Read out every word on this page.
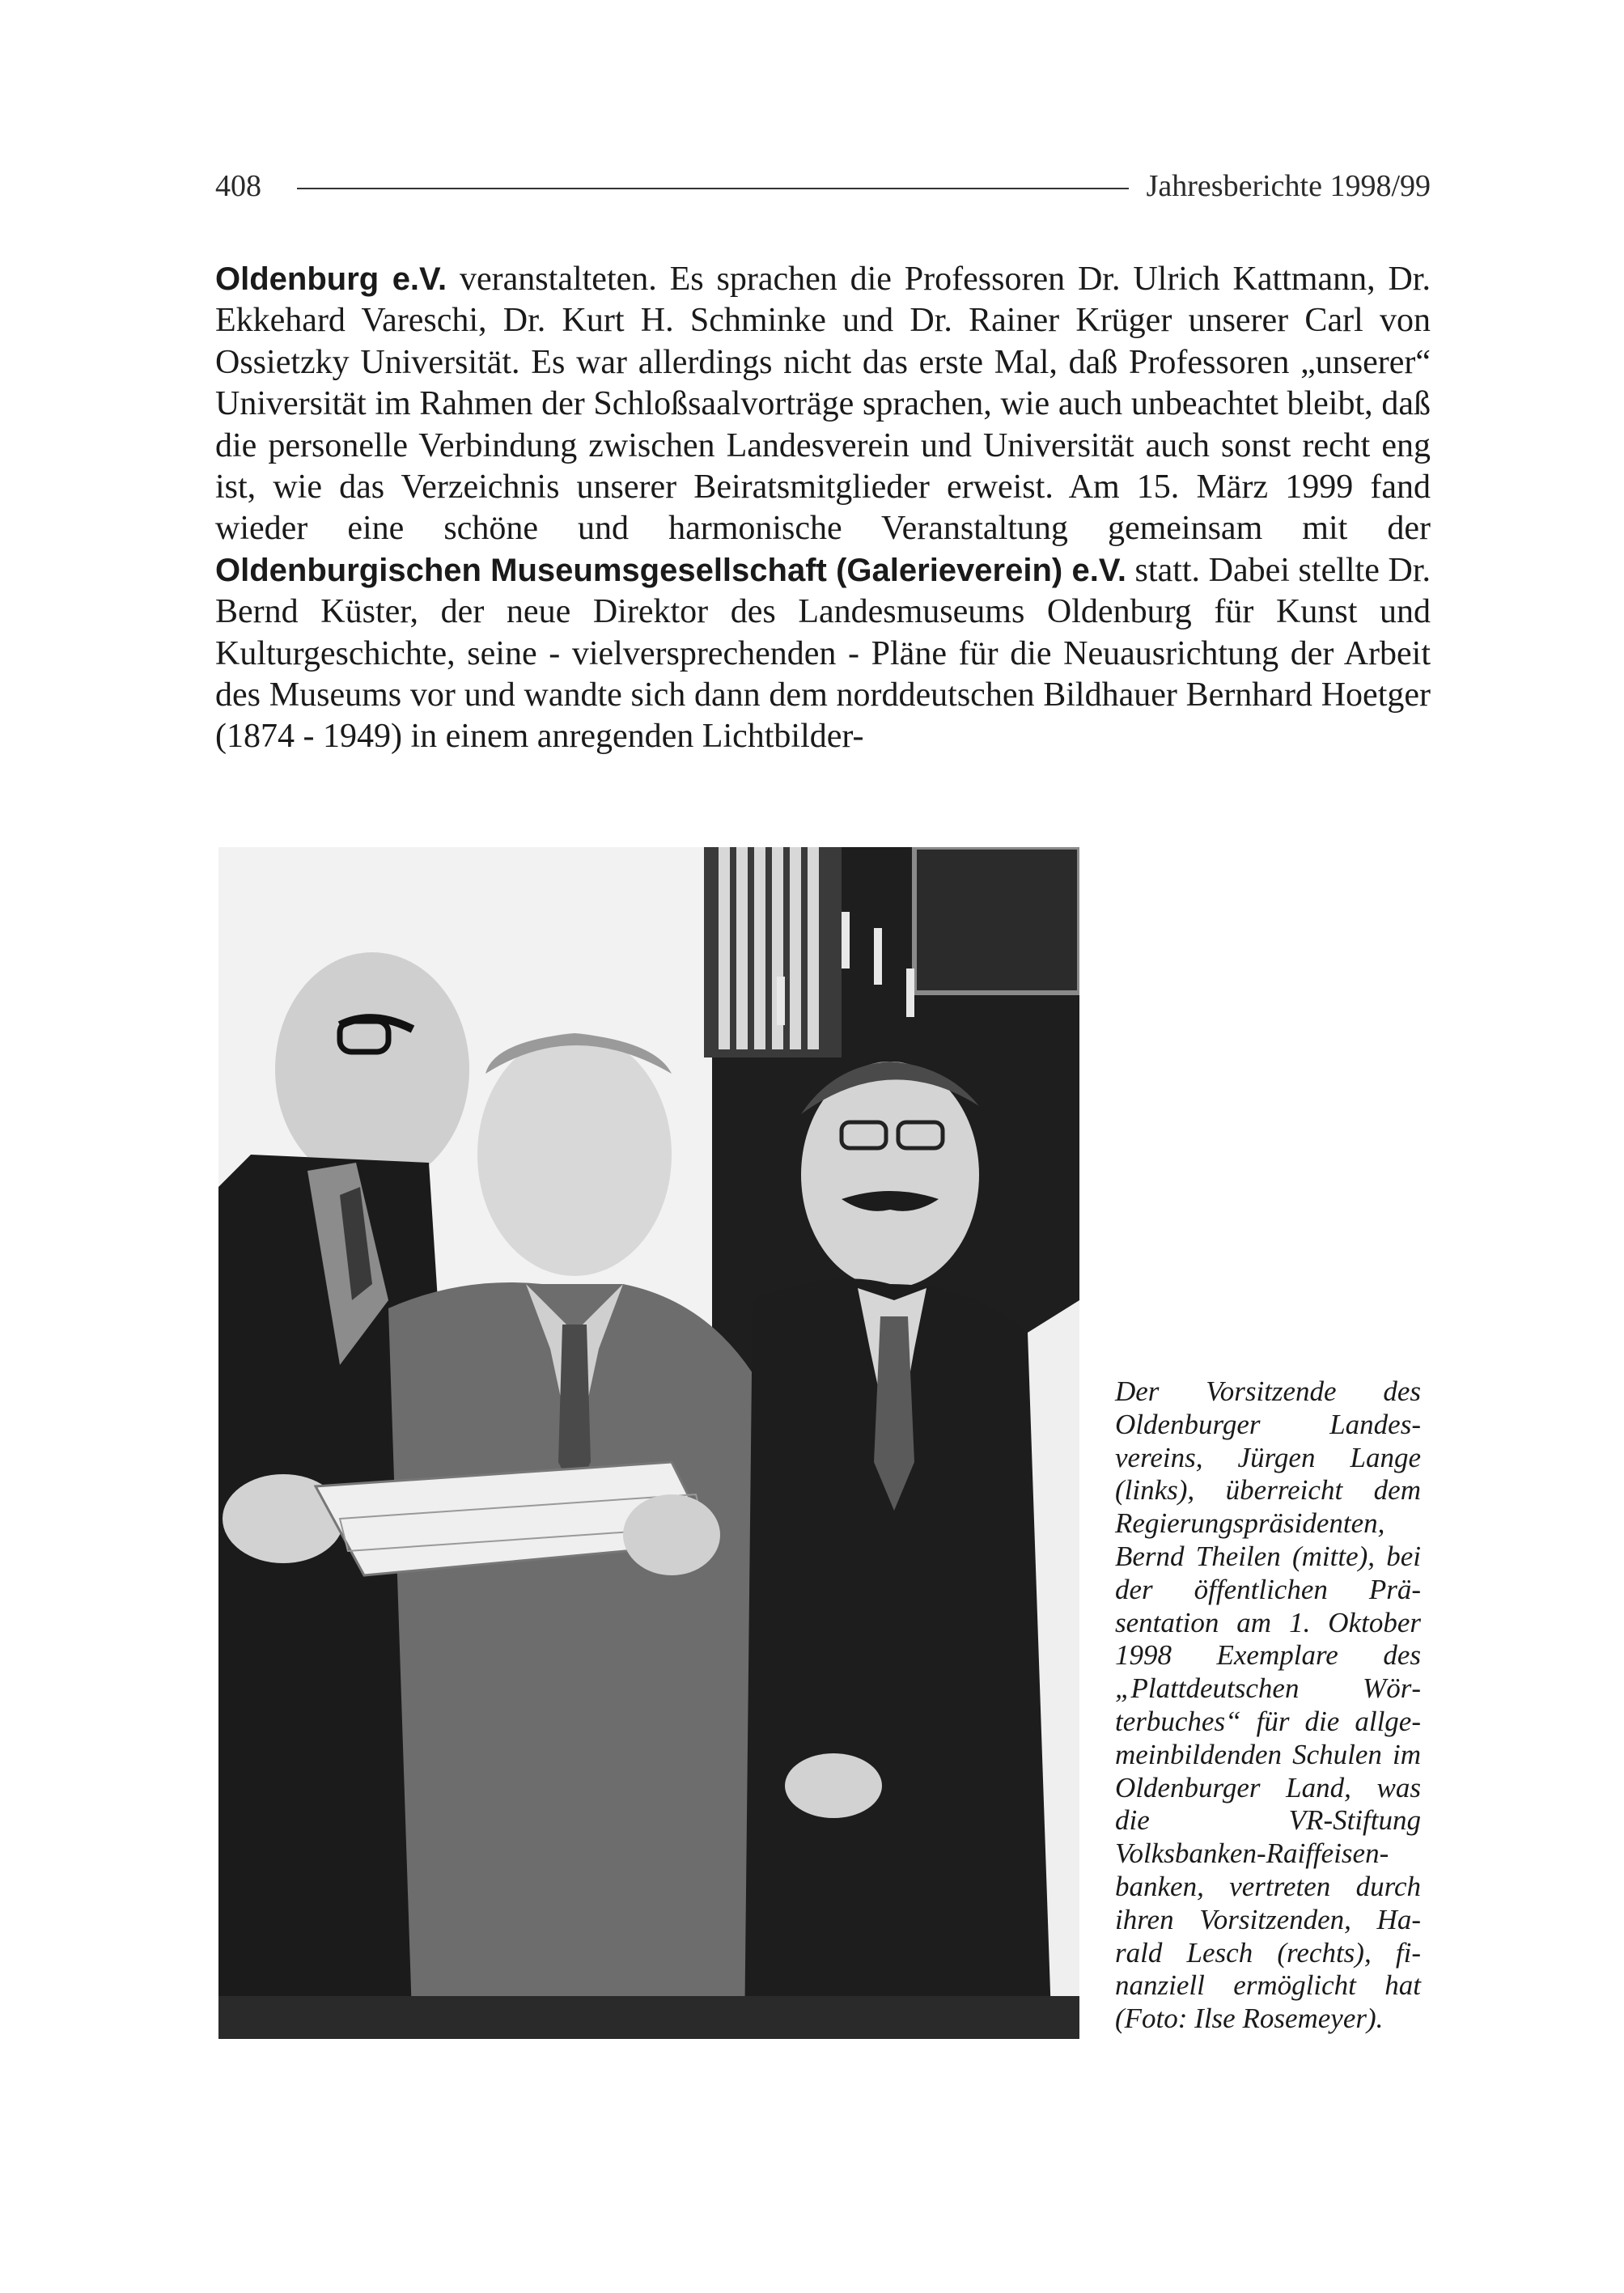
408	Jahresberichte 1998/99

Oldenburg e.V. veranstalteten. Es sprachen die Professoren Dr. Ulrich Kattmann, Dr. Ekkehard Vareschi, Dr. Kurt H. Schminke und Dr. Rainer Krüger unserer Carl von Ossietzky Universität. Es war allerdings nicht das erste Mal, daß Professoren „unserer“ Universität im Rahmen der Schloßsaalvorträge sprachen, wie auch unbeachtet bleibt, daß die personelle Verbindung zwischen Landesverein und Universität auch sonst recht eng ist, wie das Verzeichnis unserer Beiratsmitglieder erweist. Am 15. März 1999 fand wieder eine schöne und harmonische Veranstaltung gemeinsam mit der Oldenburgischen Museumsgesellschaft (Galerieverein) e.V. statt. Dabei stellte Dr. Bernd Küster, der neue Direktor des Landesmuseums Oldenburg für Kunst und Kulturgeschichte, seine - vielversprechenden - Pläne für die Neuausrichtung der Arbeit des Museums vor und wandte sich dann dem norddeutschen Bildhauer Bernhard Hoetger (1874 - 1949) in einem anregenden Lichtbilder-

Der Vorsitzende des Oldenburger Landesvereins, Jürgen Lange (links), überreicht dem Regierungspräsidenten, Bernd Theilen (mitte), bei der öffentlichen Präsentation am 1. Oktober 1998 Exemplare des „Plattdeutschen Wörterbuches“ für die allgemeinbildenden Schulen im Oldenburger Land, was die VR-Stiftung Volksbanken-Raiffeisenbanken, vertreten durch ihren Vorsitzenden, Harald Lesch (rechts), finanziell ermöglicht hat (Foto: Ilse Rosemeyer).
